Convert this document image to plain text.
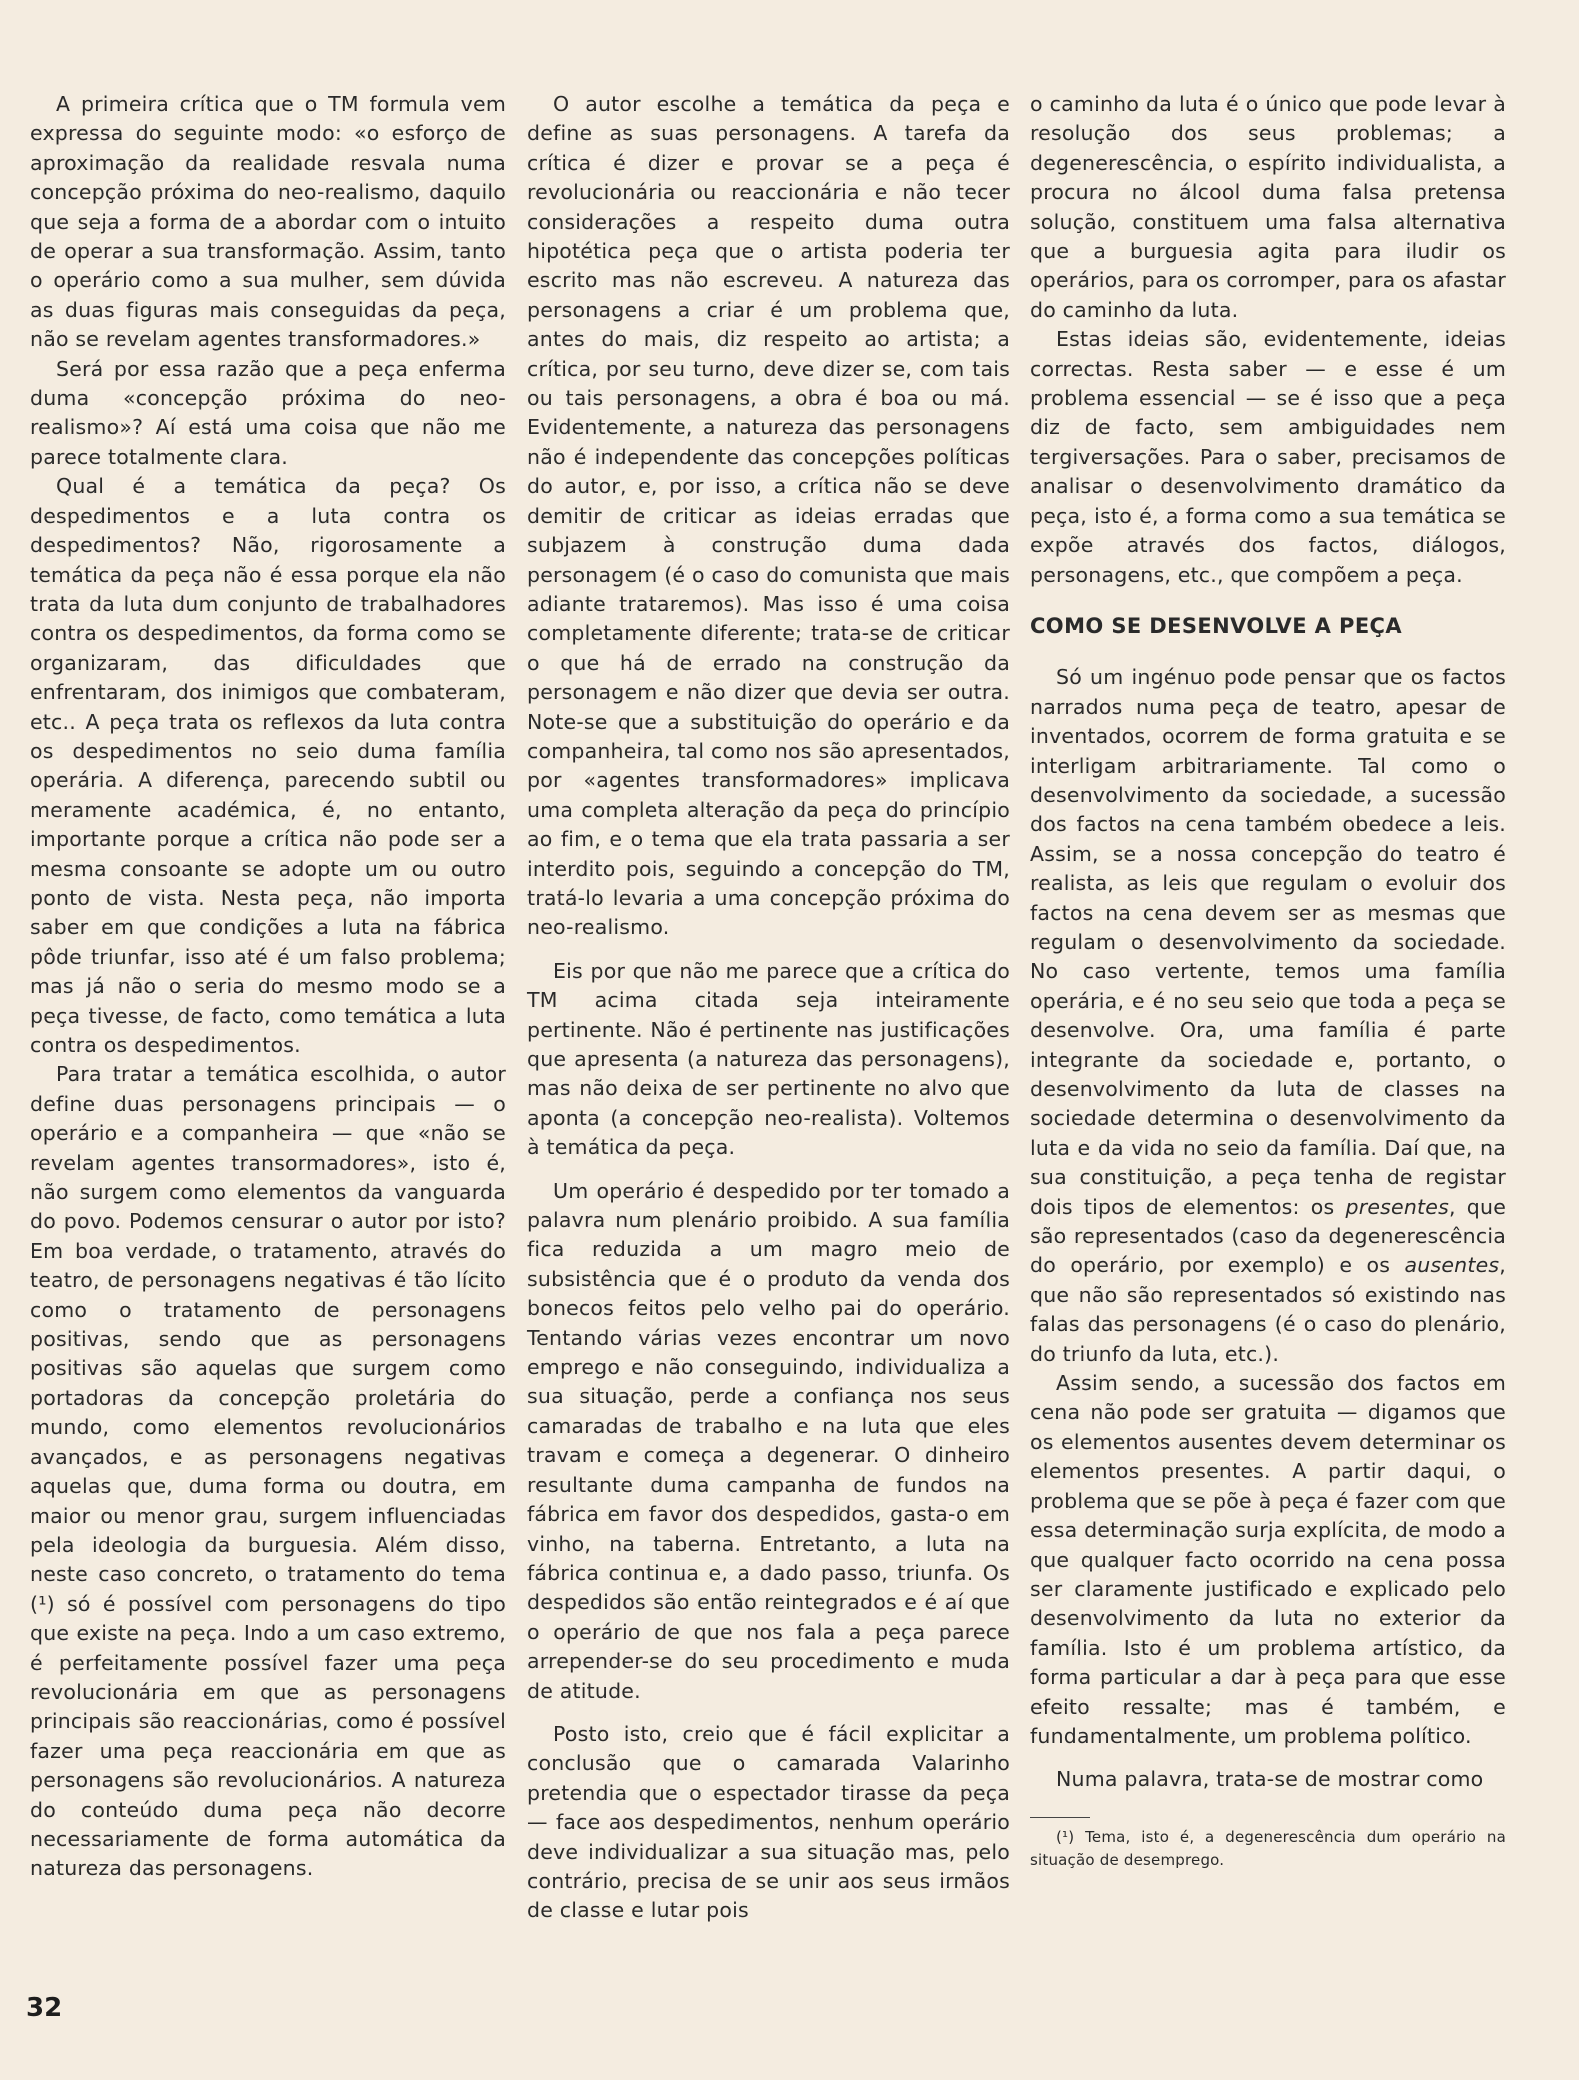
A primeira crítica que o TM formula vem expressa do seguinte modo: «o esforço de aproximação da realidade resvala numa concepção próxima do neo-realismo, daquilo que seja a forma de a abordar com o intuito de operar a sua transformação. Assim, tanto o operário como a sua mulher, sem dúvida as duas figuras mais conseguidas da peça, não se revelam agentes transformadores.»

Será por essa razão que a peça enferma duma «concepção próxima do neo-realismo»? Aí está uma coisa que não me parece totalmente clara.

Qual é a temática da peça? Os despedimentos e a luta contra os despedimentos? Não, rigorosamente a temática da peça não é essa porque ela não trata da luta dum conjunto de trabalhadores contra os despedimentos, da forma como se organizaram, das dificuldades que enfrentaram, dos inimigos que combateram, etc.. A peça trata os reflexos da luta contra os despedimentos no seio duma família operária. A diferença, parecendo subtil ou meramente académica, é, no entanto, importante porque a crítica não pode ser a mesma consoante se adopte um ou outro ponto de vista. Nesta peça, não importa saber em que condições a luta na fábrica pôde triunfar, isso até é um falso problema; mas já não o seria do mesmo modo se a peça tivesse, de facto, como temática a luta contra os despedimentos.

Para tratar a temática escolhida, o autor define duas personagens principais — o operário e a companheira — que «não se revelam agentes transormadores», isto é, não surgem como elementos da vanguarda do povo. Podemos censurar o autor por isto? Em boa verdade, o tratamento, através do teatro, de personagens negativas é tão lícito como o tratamento de personagens positivas, sendo que as personagens positivas são aquelas que surgem como portadoras da concepção proletária do mundo, como elementos revolucionários avançados, e as personagens negativas aquelas que, duma forma ou doutra, em maior ou menor grau, surgem influenciadas pela ideologia da burguesia. Além disso, neste caso concreto, o tratamento do tema (¹) só é possível com personagens do tipo que existe na peça. Indo a um caso extremo, é perfeitamente possível fazer uma peça revolucionária em que as personagens principais são reaccionárias, como é possível fazer uma peça reaccionária em que as personagens são revolucionários. A natureza do conteúdo duma peça não decorre necessariamente de forma automática da natureza das personagens.

O autor escolhe a temática da peça e define as suas personagens. A tarefa da crítica é dizer e provar se a peça é revolucionária ou reaccionária e não tecer considerações a respeito duma outra hipotética peça que o artista poderia ter escrito mas não escreveu. A natureza das personagens a criar é um problema que, antes do mais, diz respeito ao artista; a crítica, por seu turno, deve dizer se, com tais ou tais personagens, a obra é boa ou má. Evidentemente, a natureza das personagens não é independente das concepções políticas do autor, e, por isso, a crítica não se deve demitir de criticar as ideias erradas que subjazem à construção duma dada personagem (é o caso do comunista que mais adiante trataremos). Mas isso é uma coisa completamente diferente; trata-se de criticar o que há de errado na construção da personagem e não dizer que devia ser outra. Note-se que a substituição do operário e da companheira, tal como nos são apresentados, por «agentes transformadores» implicava uma completa alteração da peça do princípio ao fim, e o tema que ela trata passaria a ser interdito pois, seguindo a concepção do TM, tratá-lo levaria a uma concepção próxima do neo-realismo.

Eis por que não me parece que a crítica do TM acima citada seja inteiramente pertinente. Não é pertinente nas justificações que apresenta (a natureza das personagens), mas não deixa de ser pertinente no alvo que aponta (a concepção neo-realista). Voltemos à temática da peça.

Um operário é despedido por ter tomado a palavra num plenário proibido. A sua família fica reduzida a um magro meio de subsistência que é o produto da venda dos bonecos feitos pelo velho pai do operário. Tentando várias vezes encontrar um novo emprego e não conseguindo, individualiza a sua situação, perde a confiança nos seus camaradas de trabalho e na luta que eles travam e começa a degenerar. O dinheiro resultante duma campanha de fundos na fábrica em favor dos despedidos, gasta-o em vinho, na taberna. Entretanto, a luta na fábrica continua e, a dado passo, triunfa. Os despedidos são então reintegrados e é aí que o operário de que nos fala a peça parece arrepender-se do seu procedimento e muda de atitude.

Posto isto, creio que é fácil explicitar a conclusão que o camarada Valarinho pretendia que o espectador tirasse da peça — face aos despedimentos, nenhum operário deve individualizar a sua situação mas, pelo contrário, precisa de se unir aos seus irmãos de classe e lutar pois

o caminho da luta é o único que pode levar à resolução dos seus problemas; a degenerescência, o espírito individualista, a procura no álcool duma falsa pretensa solução, constituem uma falsa alternativa que a burguesia agita para iludir os operários, para os corromper, para os afastar do caminho da luta.

Estas ideias são, evidentemente, ideias correctas. Resta saber — e esse é um problema essencial — se é isso que a peça diz de facto, sem ambiguidades nem tergiversações. Para o saber, precisamos de analisar o desenvolvimento dramático da peça, isto é, a forma como a sua temática se expõe através dos factos, diálogos, personagens, etc., que compõem a peça.

COMO SE DESENVOLVE A PEÇA

Só um ingénuo pode pensar que os factos narrados numa peça de teatro, apesar de inventados, ocorrem de forma gratuita e se interligam arbitrariamente. Tal como o desenvolvimento da sociedade, a sucessão dos factos na cena também obedece a leis. Assim, se a nossa concepção do teatro é realista, as leis que regulam o evoluir dos factos na cena devem ser as mesmas que regulam o desenvolvimento da sociedade. No caso vertente, temos uma família operária, e é no seu seio que toda a peça se desenvolve. Ora, uma família é parte integrante da sociedade e, portanto, o desenvolvimento da luta de classes na sociedade determina o desenvolvimento da luta e da vida no seio da família. Daí que, na sua constituição, a peça tenha de registar dois tipos de elementos: os presentes, que são representados (caso da degenerescência do operário, por exemplo) e os ausentes, que não são representados só existindo nas falas das personagens (é o caso do plenário, do triunfo da luta, etc.).

Assim sendo, a sucessão dos factos em cena não pode ser gratuita — digamos que os elementos ausentes devem determinar os elementos presentes. A partir daqui, o problema que se põe à peça é fazer com que essa determinação surja explícita, de modo a que qualquer facto ocorrido na cena possa ser claramente justificado e explicado pelo desenvolvimento da luta no exterior da família. Isto é um problema artístico, da forma particular a dar à peça para que esse efeito ressalte; mas é também, e fundamentalmente, um problema político.

Numa palavra, trata-se de mostrar como

(¹) Tema, isto é, a degenerescência dum operário na situação de desemprego.

32
